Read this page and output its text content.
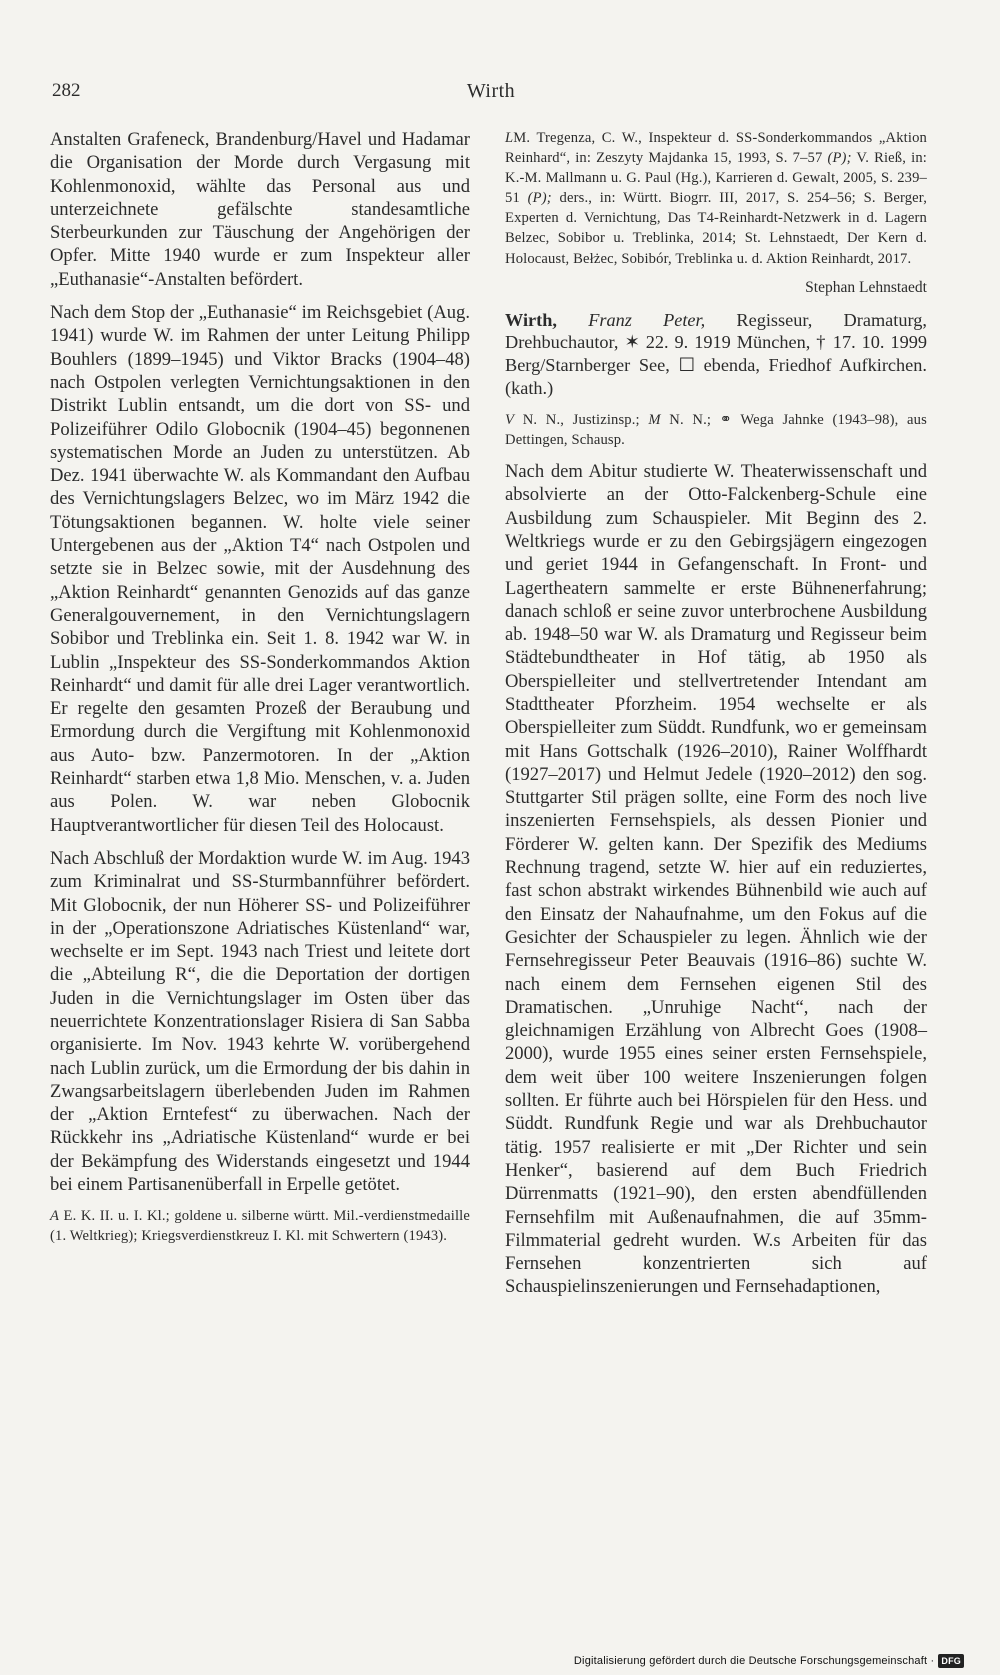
282	Wirth

Anstalten Grafeneck, Brandenburg/Havel und Hadamar die Organisation der Morde durch Vergasung mit Kohlenmonoxid, wählte das Personal aus und unterzeichnete gefälschte standesamtliche Sterbeurkunden zur Täuschung der Angehörigen der Opfer. Mitte 1940 wurde er zum Inspekteur aller „Euthanasie“-Anstalten befördert.

Nach dem Stop der „Euthanasie“ im Reichsgebiet (Aug. 1941) wurde W. im Rahmen der unter Leitung Philipp Bouhlers (1899–1945) und Viktor Bracks (1904–48) nach Ostpolen verlegten Vernichtungsaktionen in den Distrikt Lublin entsandt, um die dort von SS- und Polizeiführer Odilo Globocnik (1904–45) begonnenen systematischen Morde an Juden zu unterstützen. Ab Dez. 1941 überwachte W. als Kommandant den Aufbau des Vernichtungslagers Belzec, wo im März 1942 die Tötungsaktionen begannen. W. holte viele seiner Untergebenen aus der „Aktion T4“ nach Ostpolen und setzte sie in Belzec sowie, mit der Ausdehnung des „Aktion Reinhardt“ genannten Genozids auf das ganze Generalgouvernement, in den Vernichtungslagern Sobibor und Treblinka ein. Seit 1. 8. 1942 war W. in Lublin „Inspekteur des SS-Sonderkommandos Aktion Reinhardt“ und damit für alle drei Lager verantwortlich. Er regelte den gesamten Prozeß der Beraubung und Ermordung durch die Vergiftung mit Kohlenmonoxid aus Auto- bzw. Panzermotoren. In der „Aktion Reinhardt“ starben etwa 1,8 Mio. Menschen, v. a. Juden aus Polen. W. war neben Globocnik Hauptverantwortlicher für diesen Teil des Holocaust.

Nach Abschluß der Mordaktion wurde W. im Aug. 1943 zum Kriminalrat und SS-Sturmbannführer befördert. Mit Globocnik, der nun Höherer SS- und Polizeiführer in der „Operationszone Adriatisches Küstenland“ war, wechselte er im Sept. 1943 nach Triest und leitete dort die „Abteilung R“, die die Deportation der dortigen Juden in die Vernichtungslager im Osten über das neuerrichtete Konzentrationslager Risiera di San Sabba organisierte. Im Nov. 1943 kehrte W. vorübergehend nach Lublin zurück, um die Ermordung der bis dahin in Zwangsarbeitslagern überlebenden Juden im Rahmen der „Aktion Erntefest“ zu überwachen. Nach der Rückkehr ins „Adriatische Küstenland“ wurde er bei der Bekämpfung des Widerstands eingesetzt und 1944 bei einem Partisanenüberfall in Erpelle getötet.

A E. K. II. u. I. Kl.; goldene u. silberne württ. Mil.-verdienstmedaille (1. Weltkrieg); Kriegsverdienstkreuz I. Kl. mit Schwertern (1943).

LM. Tregenza, C. W., Inspekteur d. SS-Sonderkommandos „Aktion Reinhard“, in: Zeszyty Majdanka 15, 1993, S. 7–57 (P); V. Rieß, in: K.-M. Mallmann u. G. Paul (Hg.), Karrieren d. Gewalt, 2005, S. 239–51 (P); ders., in: Württ. Biogrr. III, 2017, S. 254–56; S. Berger, Experten d. Vernichtung, Das T4-Reinhardt-Netzwerk in d. Lagern Belzec, Sobibor u. Treblinka, 2014; St. Lehnstaedt, Der Kern d. Holocaust, Bełżec, Sobibór, Treblinka u. d. Aktion Reinhardt, 2017.

Stephan Lehnstaedt

Wirth, Franz Peter, Regisseur, Dramaturg, Drehbuchautor, ✶ 22. 9. 1919 München, † 17. 10. 1999 Berg/Starnberger See, ☐ ebenda, Friedhof Aufkirchen. (kath.)

V N. N., Justizinsp.; M N. N.; ⚭ Wega Jahnke (1943–98), aus Dettingen, Schausp.

Nach dem Abitur studierte W. Theaterwissenschaft und absolvierte an der Otto-Falckenberg-Schule eine Ausbildung zum Schauspieler. Mit Beginn des 2. Weltkriegs wurde er zu den Gebirgsjägern eingezogen und geriet 1944 in Gefangenschaft. In Front- und Lagertheatern sammelte er erste Bühnenerfahrung; danach schloß er seine zuvor unterbrochene Ausbildung ab. 1948–50 war W. als Dramaturg und Regisseur beim Städtebundtheater in Hof tätig, ab 1950 als Oberspielleiter und stellvertretender Intendant am Stadttheater Pforzheim. 1954 wechselte er als Oberspielleiter zum Süddt. Rundfunk, wo er gemeinsam mit Hans Gottschalk (1926–2010), Rainer Wolffhardt (1927–2017) und Helmut Jedele (1920–2012) den sog. Stuttgarter Stil prägen sollte, eine Form des noch live inszenierten Fernsehspiels, als dessen Pionier und Förderer W. gelten kann. Der Spezifik des Mediums Rechnung tragend, setzte W. hier auf ein reduziertes, fast schon abstrakt wirkendes Bühnenbild wie auch auf den Einsatz der Nahaufnahme, um den Fokus auf die Gesichter der Schauspieler zu legen. Ähnlich wie der Fernsehregisseur Peter Beauvais (1916–86) suchte W. nach einem dem Fernsehen eigenen Stil des Dramatischen. „Unruhige Nacht“, nach der gleichnamigen Erzählung von Albrecht Goes (1908–2000), wurde 1955 eines seiner ersten Fernsehspiele, dem weit über 100 weitere Inszenierungen folgen sollten. Er führte auch bei Hörspielen für den Hess. und Süddt. Rundfunk Regie und war als Drehbuchautor tätig. 1957 realisierte er mit „Der Richter und sein Henker“, basierend auf dem Buch Friedrich Dürrenmatts (1921–90), den ersten abendfüllenden Fernsehfilm mit Außenaufnahmen, die auf 35mm-Filmmaterial gedreht wurden. W.s Arbeiten für das Fernsehen konzentrierten sich auf Schauspielinszenierungen und Fernsehadaptionen,

Digitalisierung gefördert durch die Deutsche Forschungsgemeinschaft · DFG
